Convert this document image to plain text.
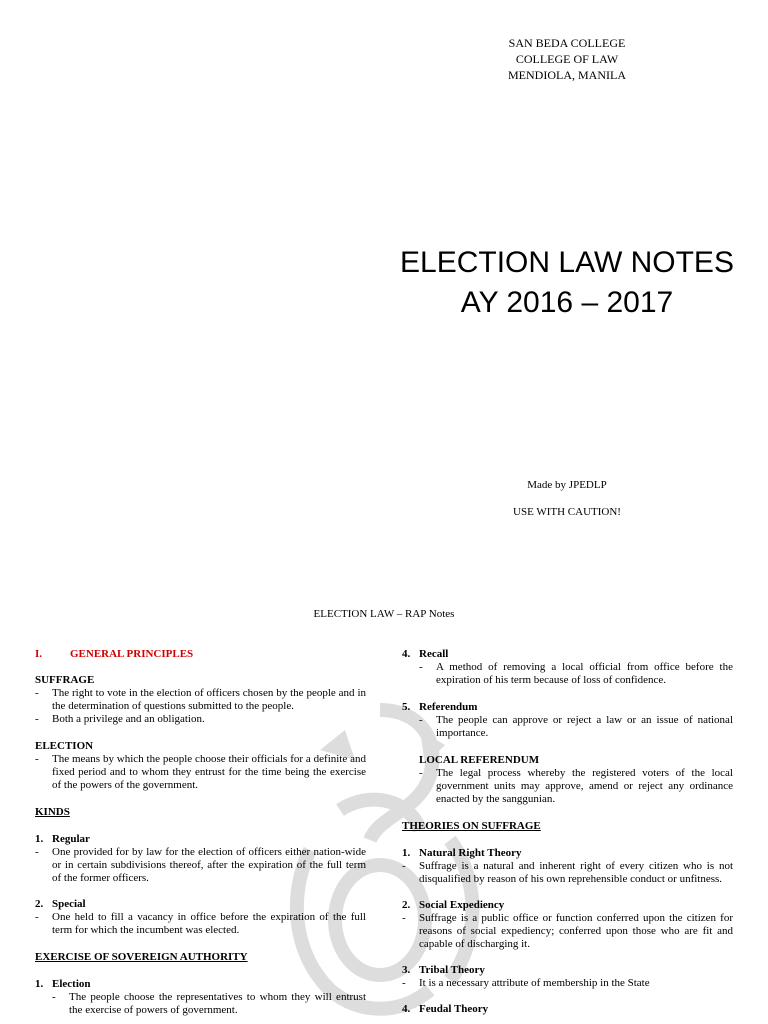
SAN BEDA COLLEGE
COLLEGE OF LAW
MENDIOLA, MANILA
ELECTION LAW NOTES
AY 2016 – 2017
Made by JPEDLP
USE WITH CAUTION!
ELECTION LAW – RAP Notes

I.	GENERAL PRINCIPLES

SUFFRAGE

-	The right to vote in the election of officers chosen by the people and in the determination of questions submitted to the people.
-	Both a privilege and an obligation.

ELECTION

-	The means by which the people choose their officials for a definite and fixed period and to whom they entrust for the time being the exercise of the powers of the government.

KINDS

1. Regular
-	One provided for by law for the election of officers either nation-wide or in certain subdivisions thereof, after the expiration of the full term of the former officers.
2. Special
-	One held to fill a vacancy in office before the expiration of the full term for which the incumbent was elected.

EXERCISE OF SOVEREIGN AUTHORITY

1. Election
-	The people choose the representatives to whom they will entrust the exercise of powers of government.
4. Recall
-	A method of removing a local official from office before the expiration of his term because of loss of confidence.
5. Referendum
-	The people can approve or reject a law or an issue of national importance.

LOCAL REFERENDUM

-	The legal process whereby the registered voters of the local government units may approve, amend or reject any ordinance enacted by the sanggunian.

THEORIES ON SUFFRAGE

1. Natural Right Theory
-	Suffrage is a natural and inherent right of every citizen who is not disqualified by reason of his own reprehensible conduct or unfitness.
2. Social Expediency
-	Suffrage is a public office or function conferred upon the citizen for reasons of social expediency; conferred upon those who are fit and capable of discharging it.
3. Tribal Theory
-	It is a necessary attribute of membership in the State
4. Feudal Theory
